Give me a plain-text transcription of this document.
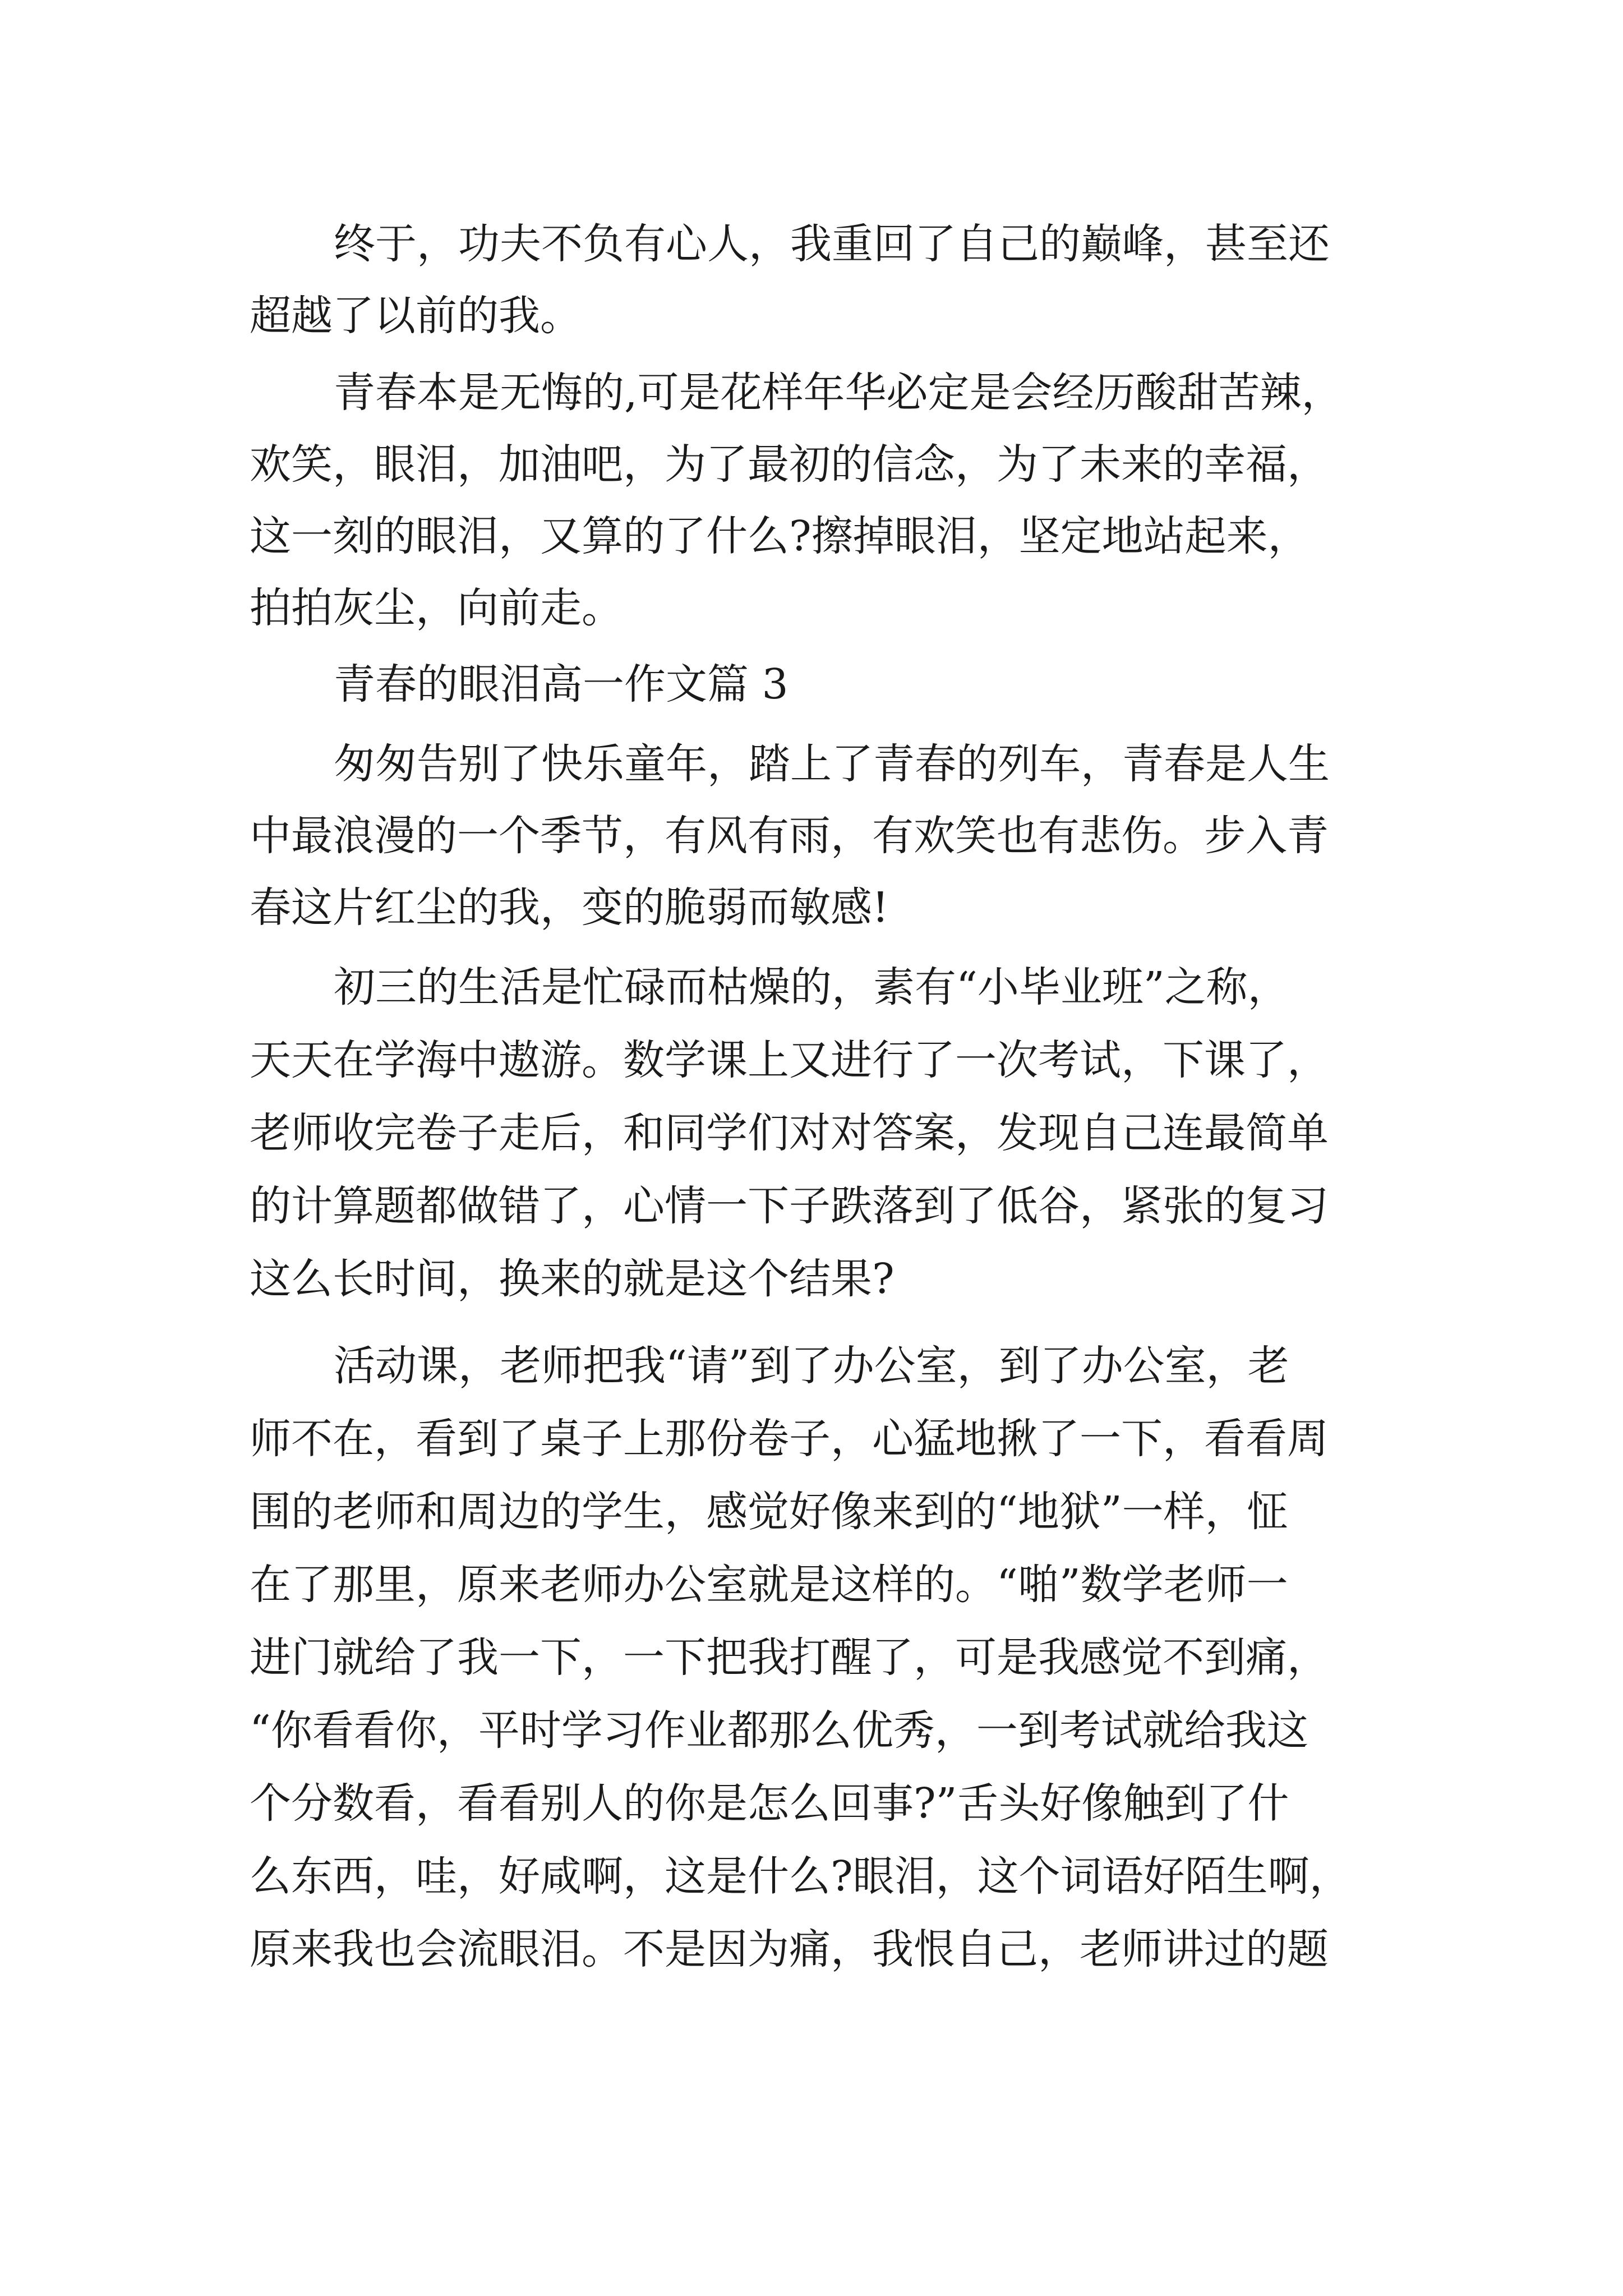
终于，功夫不负有心人，我重回了自己的巅峰，甚至还

超越了以前的我。

青春本是无悔的,可是花样年华必定是会经历酸甜苦辣，

欢笑，眼泪，加油吧，为了最初的信念，为了未来的幸福，

这一刻的眼泪，又算的了什么?擦掉眼泪，坚定地站起来，

拍拍灰尘，向前走。

青春的眼泪高一作文篇 3

匆匆告别了快乐童年，踏上了青春的列车，青春是人生

中最浪漫的一个季节，有风有雨，有欢笑也有悲伤。步入青

春这片红尘的我，变的脆弱而敏感!

初三的生活是忙碌而枯燥的，素有“小毕业班”之称，

天天在学海中遨游。数学课上又进行了一次考试，下课了，

老师收完卷子走后，和同学们对对答案，发现自己连最简单

的计算题都做错了，心情一下子跌落到了低谷，紧张的复习

这么长时间，换来的就是这个结果?

活动课，老师把我“请”到了办公室，到了办公室，老

师不在，看到了桌子上那份卷子，心猛地揪了一下，看看周

围的老师和周边的学生，感觉好像来到的“地狱”一样，怔

在了那里，原来老师办公室就是这样的。“啪”数学老师一

进门就给了我一下，一下把我打醒了，可是我感觉不到痛，

“你看看你，平时学习作业都那么优秀，一到考试就给我这

个分数看，看看别人的你是怎么回事?”舌头好像触到了什

么东西，哇，好咸啊，这是什么?眼泪，这个词语好陌生啊，

原来我也会流眼泪。不是因为痛，我恨自己，老师讲过的题
